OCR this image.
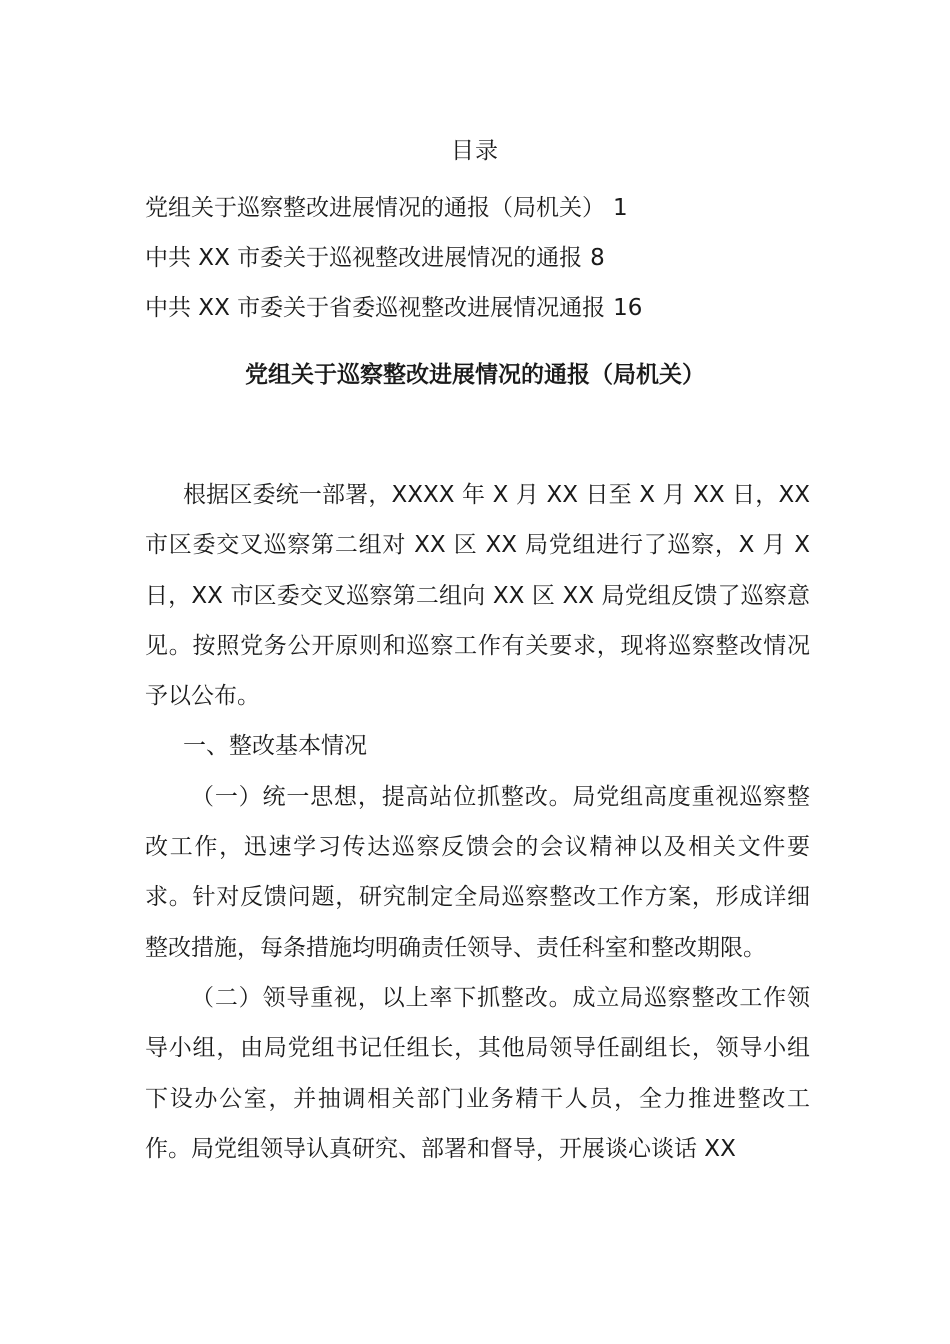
目录
党组关于巡察整改进展情况的通报（局机关） 1
中共 XX 市委关于巡视整改进展情况的通报 8
中共 XX 市委关于省委巡视整改进展情况通报 16
党组关于巡察整改进展情况的通报（局机关）

根据区委统一部署，XXXX 年 X 月 XX 日至 X 月 XX 日，XX 市区委交叉巡察第二组对 XX 区 XX 局党组进行了巡察，X 月 X 日，XX 市区委交叉巡察第二组向 XX 区 XX 局党组反馈了巡察意见。按照党务公开原则和巡察工作有关要求，现将巡察整改情况予以公布。

一、整改基本情况

（一）统一思想，提高站位抓整改。局党组高度重视巡察整改工作，迅速学习传达巡察反馈会的会议精神以及相关文件要求。针对反馈问题，研究制定全局巡察整改工作方案，形成详细整改措施，每条措施均明确责任领导、责任科室和整改期限。

（二）领导重视，以上率下抓整改。成立局巡察整改工作领导小组，由局党组书记任组长，其他局领导任副组长，领导小组下设办公室，并抽调相关部门业务精干人员，全力推进整改工作。局党组领导认真研究、部署和督导，开展谈心谈话 XX
